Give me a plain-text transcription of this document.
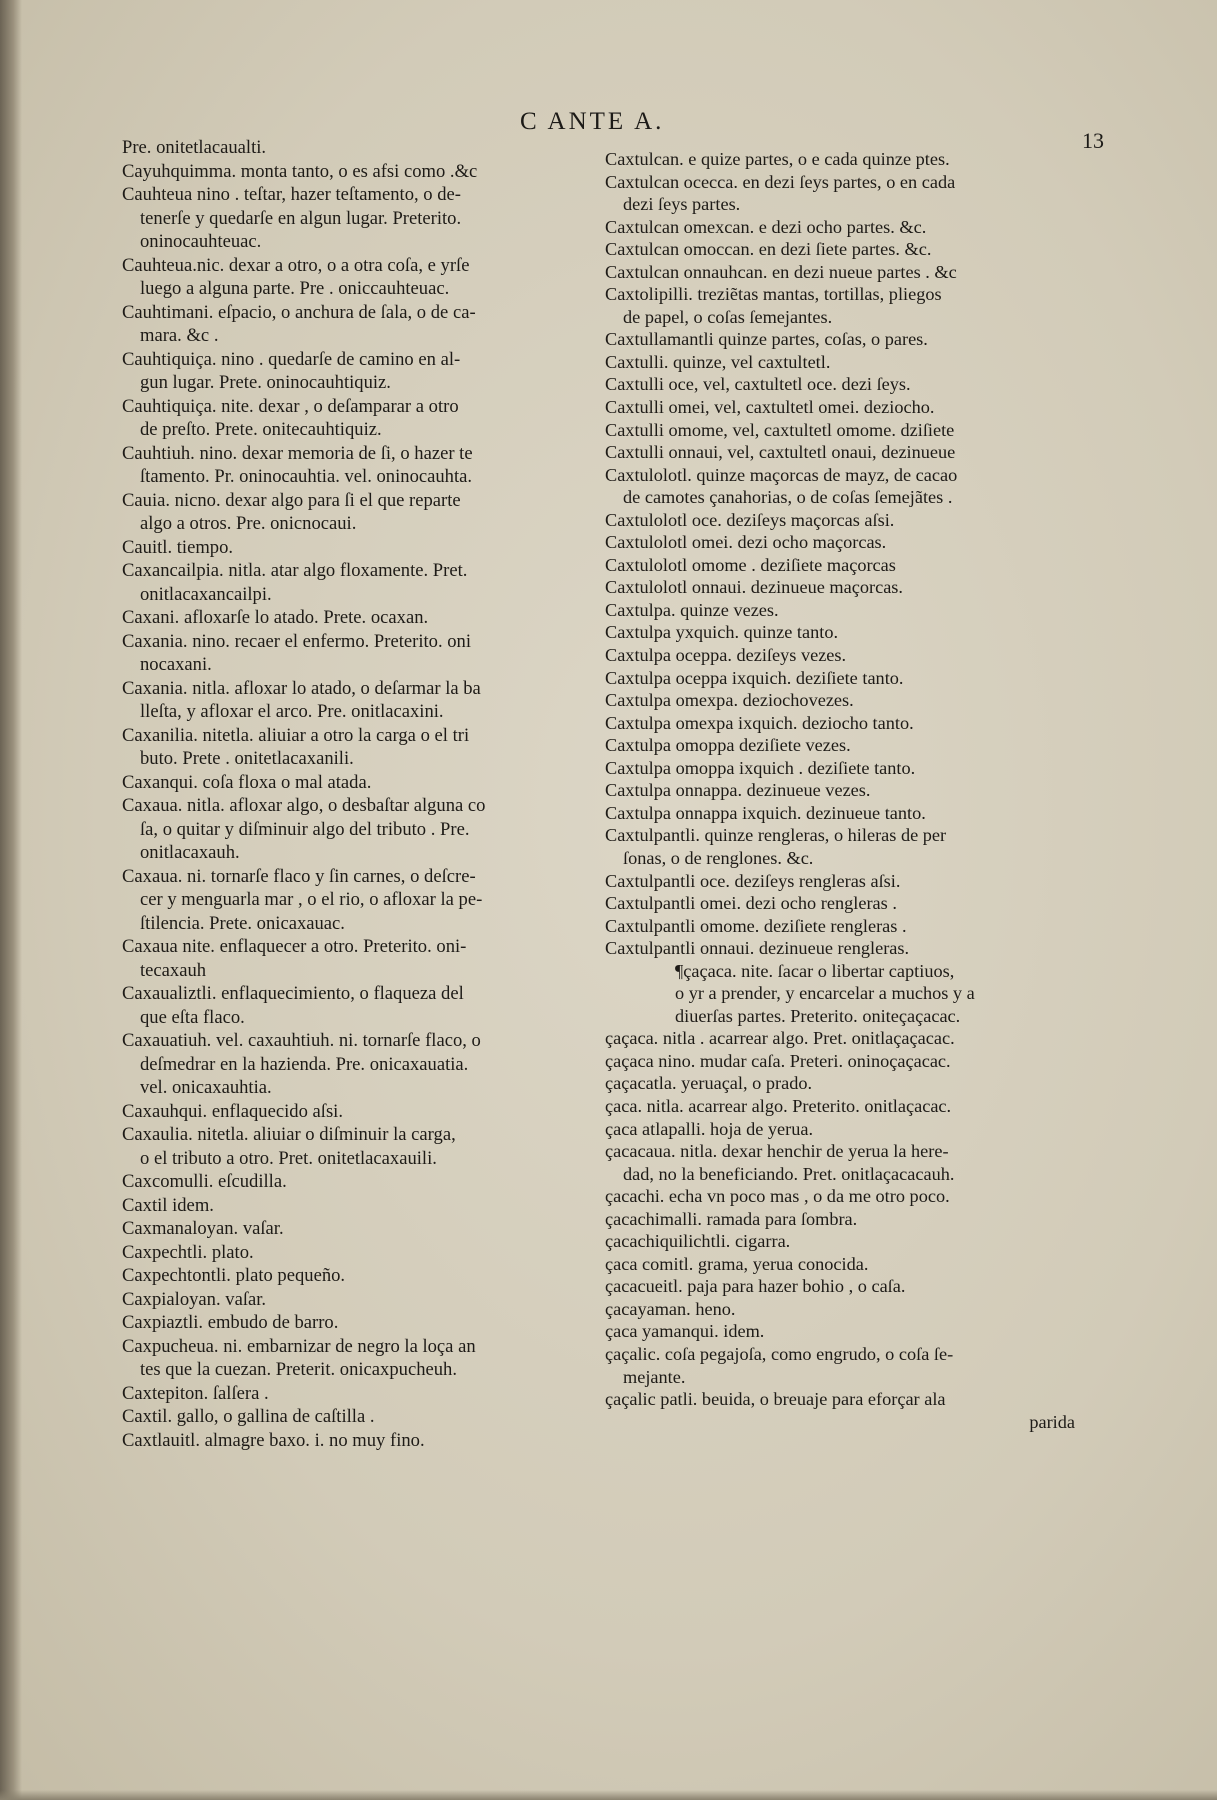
C ANTE A.
13
Pre. onitetlacaualti.
Cayuhquimma. monta tanto, o es afsi como .&c
Cauhteua nino . teſtar, hazer teſtamento, o de-
tenerſe y quedarſe en algun lugar. Preterito.
oninocauhteuac.
Cauhteua.nic. dexar a otro, o a otra coſa, e yrſe
luego a alguna parte. Pre . oniccauhteuac.
Cauhtimani. eſpacio, o anchura de ſala, o de ca-
mara. &c .
Cauhtiquiça. nino . quedarſe de camino en al-
gun lugar. Prete. oninocauhtiquiz.
Cauhtiquiça. nite. dexar , o deſamparar a otro
de preſto. Prete. onitecauhtiquiz.
Cauhtiuh. nino. dexar memoria de ſi, o hazer te
ſtamento. Pr. oninocauhtia. vel. oninocauhta.
Cauia. nicno. dexar algo para ſi el que reparte
algo a otros. Pre. onicnocaui.
Cauitl. tiempo.
Caxancailpia. nitla. atar algo floxamente. Pret.
onitlacaxancailpi.
Caxani. afloxarſe lo atado. Prete. ocaxan.
Caxania. nino. recaer el enfermo. Preterito. oni
nocaxani.
Caxania. nitla. afloxar lo atado, o deſarmar la ba
lleſta, y afloxar el arco. Pre. onitlacaxini.
Caxanilia. nitetla. aliuiar a otro la carga o el tri
buto. Prete . onitetlacaxanili.
Caxanqui. coſa floxa o mal atada.
Caxaua. nitla. afloxar algo, o desbaſtar alguna co
ſa, o quitar y diſminuir algo del tributo . Pre.
onitlacaxauh.
Caxaua. ni. tornarſe flaco y ſin carnes, o deſcre-
cer y menguarla mar , o el rio, o afloxar la pe-
ſtilencia. Prete. onicaxauac.
Caxaua nite. enflaquecer a otro. Preterito. oni-
tecaxauh
Caxaualiztli. enflaquecimiento, o flaqueza del
que eſta flaco.
Caxauatiuh. vel. caxauhtiuh. ni. tornarſe flaco, o
deſmedrar en la hazienda. Pre. onicaxauatia.
vel. onicaxauhtia.
Caxauhqui. enflaquecido aſsi.
Caxaulia. nitetla. aliuiar o diſminuir la carga,
o el tributo a otro. Pret. onitetlacaxauili.
Caxcomulli. eſcudilla.
Caxtil idem.
Caxmanaloyan. vaſar.
Caxpechtli. plato.
Caxpechtontli. plato pequeño.
Caxpialoyan. vaſar.
Caxpiaztli. embudo de barro.
Caxpucheua. ni. embarnizar de negro la loça an
tes que la cuezan. Preterit. onicaxpucheuh.
Caxtepiton. ſalſera .
Caxtil. gallo, o gallina de caſtilla .
Caxtlauitl. almagre baxo. i. no muy fino.
Caxtulcan. e quize partes, o e cada quinze ptes.
Caxtulcan ocecca. en dezi ſeys partes, o en cada
dezi ſeys partes.
Caxtulcan omexcan. e dezi ocho partes. &c.
Caxtulcan omoccan. en dezi ſiete partes. &c.
Caxtulcan onnauhcan. en dezi nueue partes . &c
Caxtolipilli. treziẽtas mantas, tortillas, pliegos
de papel, o coſas ſemejantes.
Caxtullamantli quinze partes, coſas, o pares.
Caxtulli. quinze, vel caxtultetl.
Caxtulli oce, vel, caxtultetl oce. dezi ſeys.
Caxtulli omei, vel, caxtultetl omei. deziocho.
Caxtulli omome, vel, caxtultetl omome. dziſiete
Caxtulli onnaui, vel, caxtultetl onaui, dezinueue
Caxtulolotl. quinze maçorcas de mayz, de cacao
de camotes çanahorias, o de coſas ſemejãtes .
Caxtulolotl oce. deziſeys maçorcas aſsi.
Caxtulolotl omei. dezi ocho maçorcas.
Caxtulolotl omome . deziſiete maçorcas
Caxtulolotl onnaui. dezinueue maçorcas.
Caxtulpa. quinze vezes.
Caxtulpa yxquich. quinze tanto.
Caxtulpa oceppa. deziſeys vezes.
Caxtulpa oceppa ixquich. deziſiete tanto.
Caxtulpa omexpa. deziochovezes.
Caxtulpa omexpa ixquich. deziocho tanto.
Caxtulpa omoppa deziſiete vezes.
Caxtulpa omoppa ixquich . deziſiete tanto.
Caxtulpa onnappa. dezinueue vezes.
Caxtulpa onnappa ixquich. dezinueue tanto.
Caxtulpantli. quinze rengleras, o hileras de per
ſonas, o de renglones. &c.
Caxtulpantli oce. deziſeys rengleras aſsi.
Caxtulpantli omei. dezi ocho rengleras .
Caxtulpantli omome. deziſiete rengleras .
Caxtulpantli onnaui. dezinueue rengleras.
¶çaçaca. nite. ſacar o libertar captiuos,
o yr a prender, y encarcelar a muchos y a
diuerſas partes. Preterito. oniteçaçacac.
çaçaca. nitla . acarrear algo. Pret. onitlaçaçacac.
çaçaca nino. mudar caſa. Preteri. oninoçaçacac.
çaçacatla. yeruaçal, o prado.
çaca. nitla. acarrear algo. Preterito. onitlaçacac.
çaca atlapalli. hoja de yerua.
çacacaua. nitla. dexar henchir de yerua la here-
dad, no la beneficiando. Pret. onitlaçacacauh.
çacachi. echa vn poco mas , o da me otro poco.
çacachimalli. ramada para ſombra.
çacachiquilichtli. cigarra.
çaca comitl. grama, yerua conocida.
çacacueitl. paja para hazer bohio , o caſa.
çacayaman. heno.
çaca yamanqui. idem.
çaçalic. coſa pegajoſa, como engrudo, o coſa ſe-
mejante.
çaçalic patli. beuida, o breuaje para eforçar ala
parida
